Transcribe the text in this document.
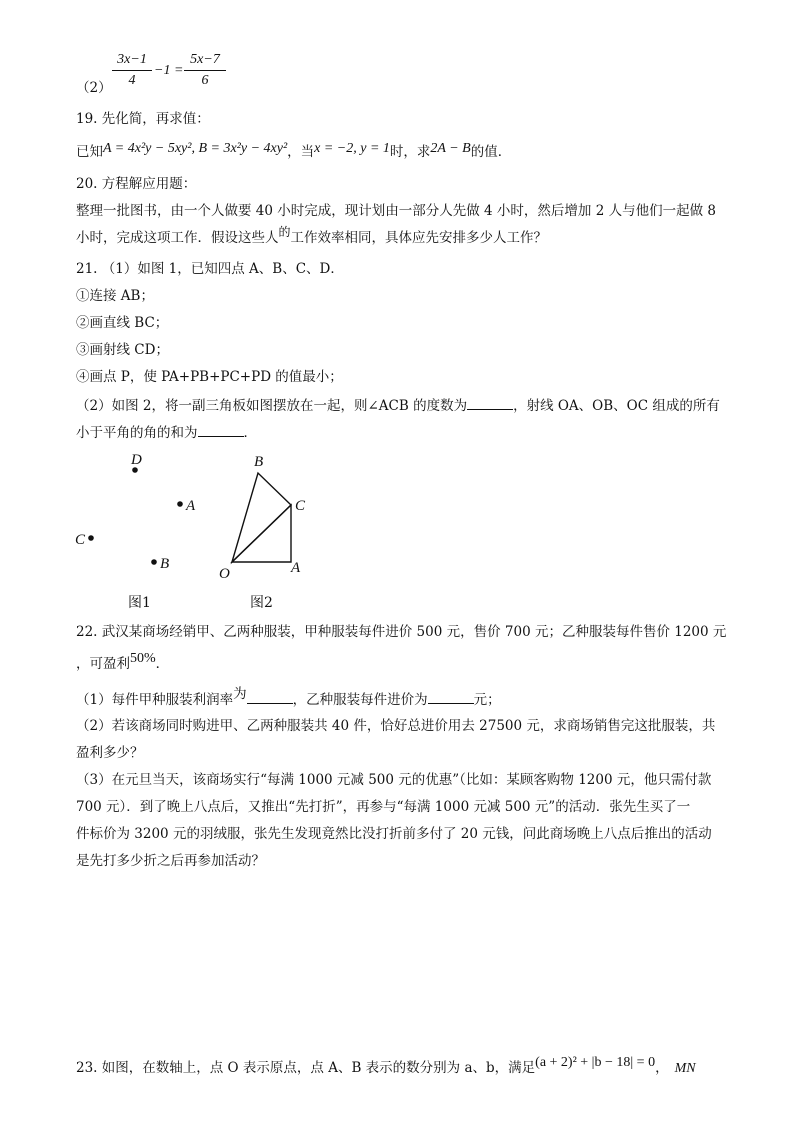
（2）
3x−1
4
−1 =
5x−7
6
19. 先化简，再求值：
已知A = 4x²y − 5xy², B = 3x²y − 4xy²，当x = −2, y = 1时，求2A − B的值．
20. 方程解应用题：
整理一批图书，由一个人做要 40 小时完成，现计划由一部分人先做 4 小时，然后增加 2 人与他们一起做 8
小时，完成这项工作．假设这些人的工作效率相同，具体应先安排多少人工作？
21. （1）如图 1，已知四点 A、B、C、D．
①连接 AB；
②画直线 BC；
③画射线 CD；
④画点 P，使 PA+PB+PC+PD 的值最小；
（2）如图 2，将一副三角板如图摆放在一起，则∠ACB 的度数为	，射线 OA、OB、OC 组成的所有
小于平角的角的和为	．
D
A
C
B
图1
B
C
O	A
图2
22. 武汉某商场经销甲、乙两种服装，甲种服装每件进价 500 元，售价 700 元；乙种服装每件售价 1200 元
，可盈利50%．
（1）每件甲种服装利润率为	，乙种服装每件进价为	元；
（2）若该商场同时购进甲、乙两种服装共 40 件，恰好总进价用去 27500 元，求商场销售完这批服装，共
盈利多少？
（3）在元旦当天，该商场实行“每满 1000 元减 500 元的优惠”（比如：某顾客购物 1200 元，他只需付款
700 元）．到了晚上八点后，又推出“先打折”，再参与“每满 1000 元减 500 元”的活动．张先生买了一
件标价为 3200 元的羽绒服，张先生发现竟然比没打折前多付了 20 元钱，问此商场晚上八点后推出的活动
是先打多少折之后再参加活动？
23. 如图，在数轴上，点 O 表示原点，点 A、B 表示的数分别为 a、b，满足(a + 2)² + |b − 18| = 0， MN
